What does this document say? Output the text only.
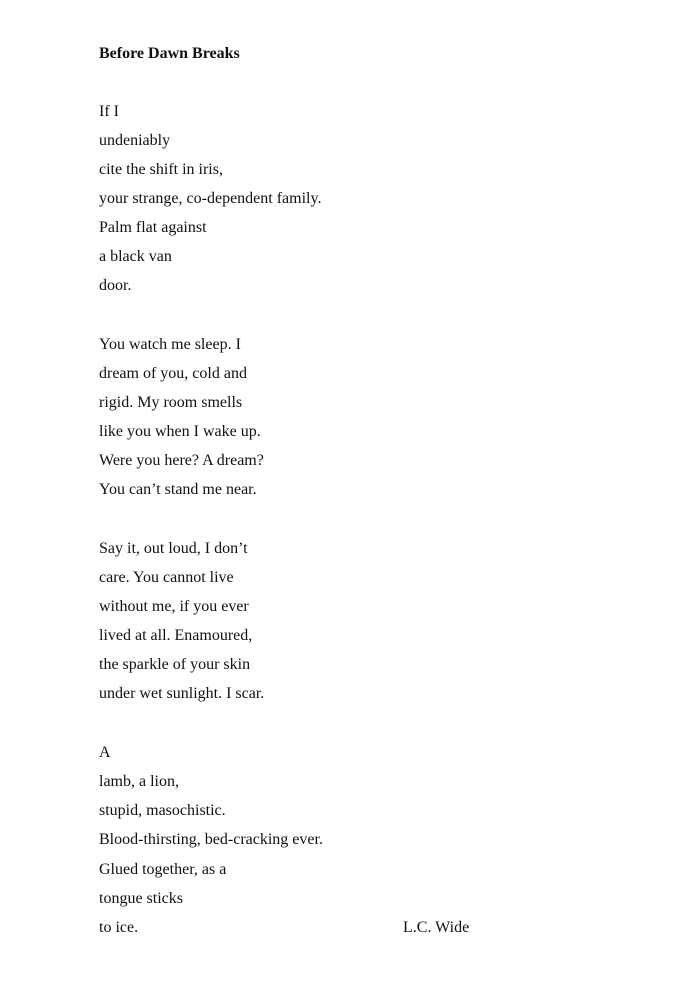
Before Dawn Breaks
If I
undeniably
cite the shift in iris,
your strange, co-dependent family.
Palm flat against
a black van
door.
You watch me sleep. I
dream of you, cold and
rigid. My room smells
like you when I wake up.
Were you here? A dream?
You can’t stand me near.
Say it, out loud, I don’t
care. You cannot live
without me, if you ever
lived at all. Enamoured,
the sparkle of your skin
under wet sunlight. I scar.
A
lamb, a lion,
stupid, masochistic.
Blood-thirsting, bed-cracking ever.
Glued together, as a
tongue sticks
to ice.	L.C. Wide
